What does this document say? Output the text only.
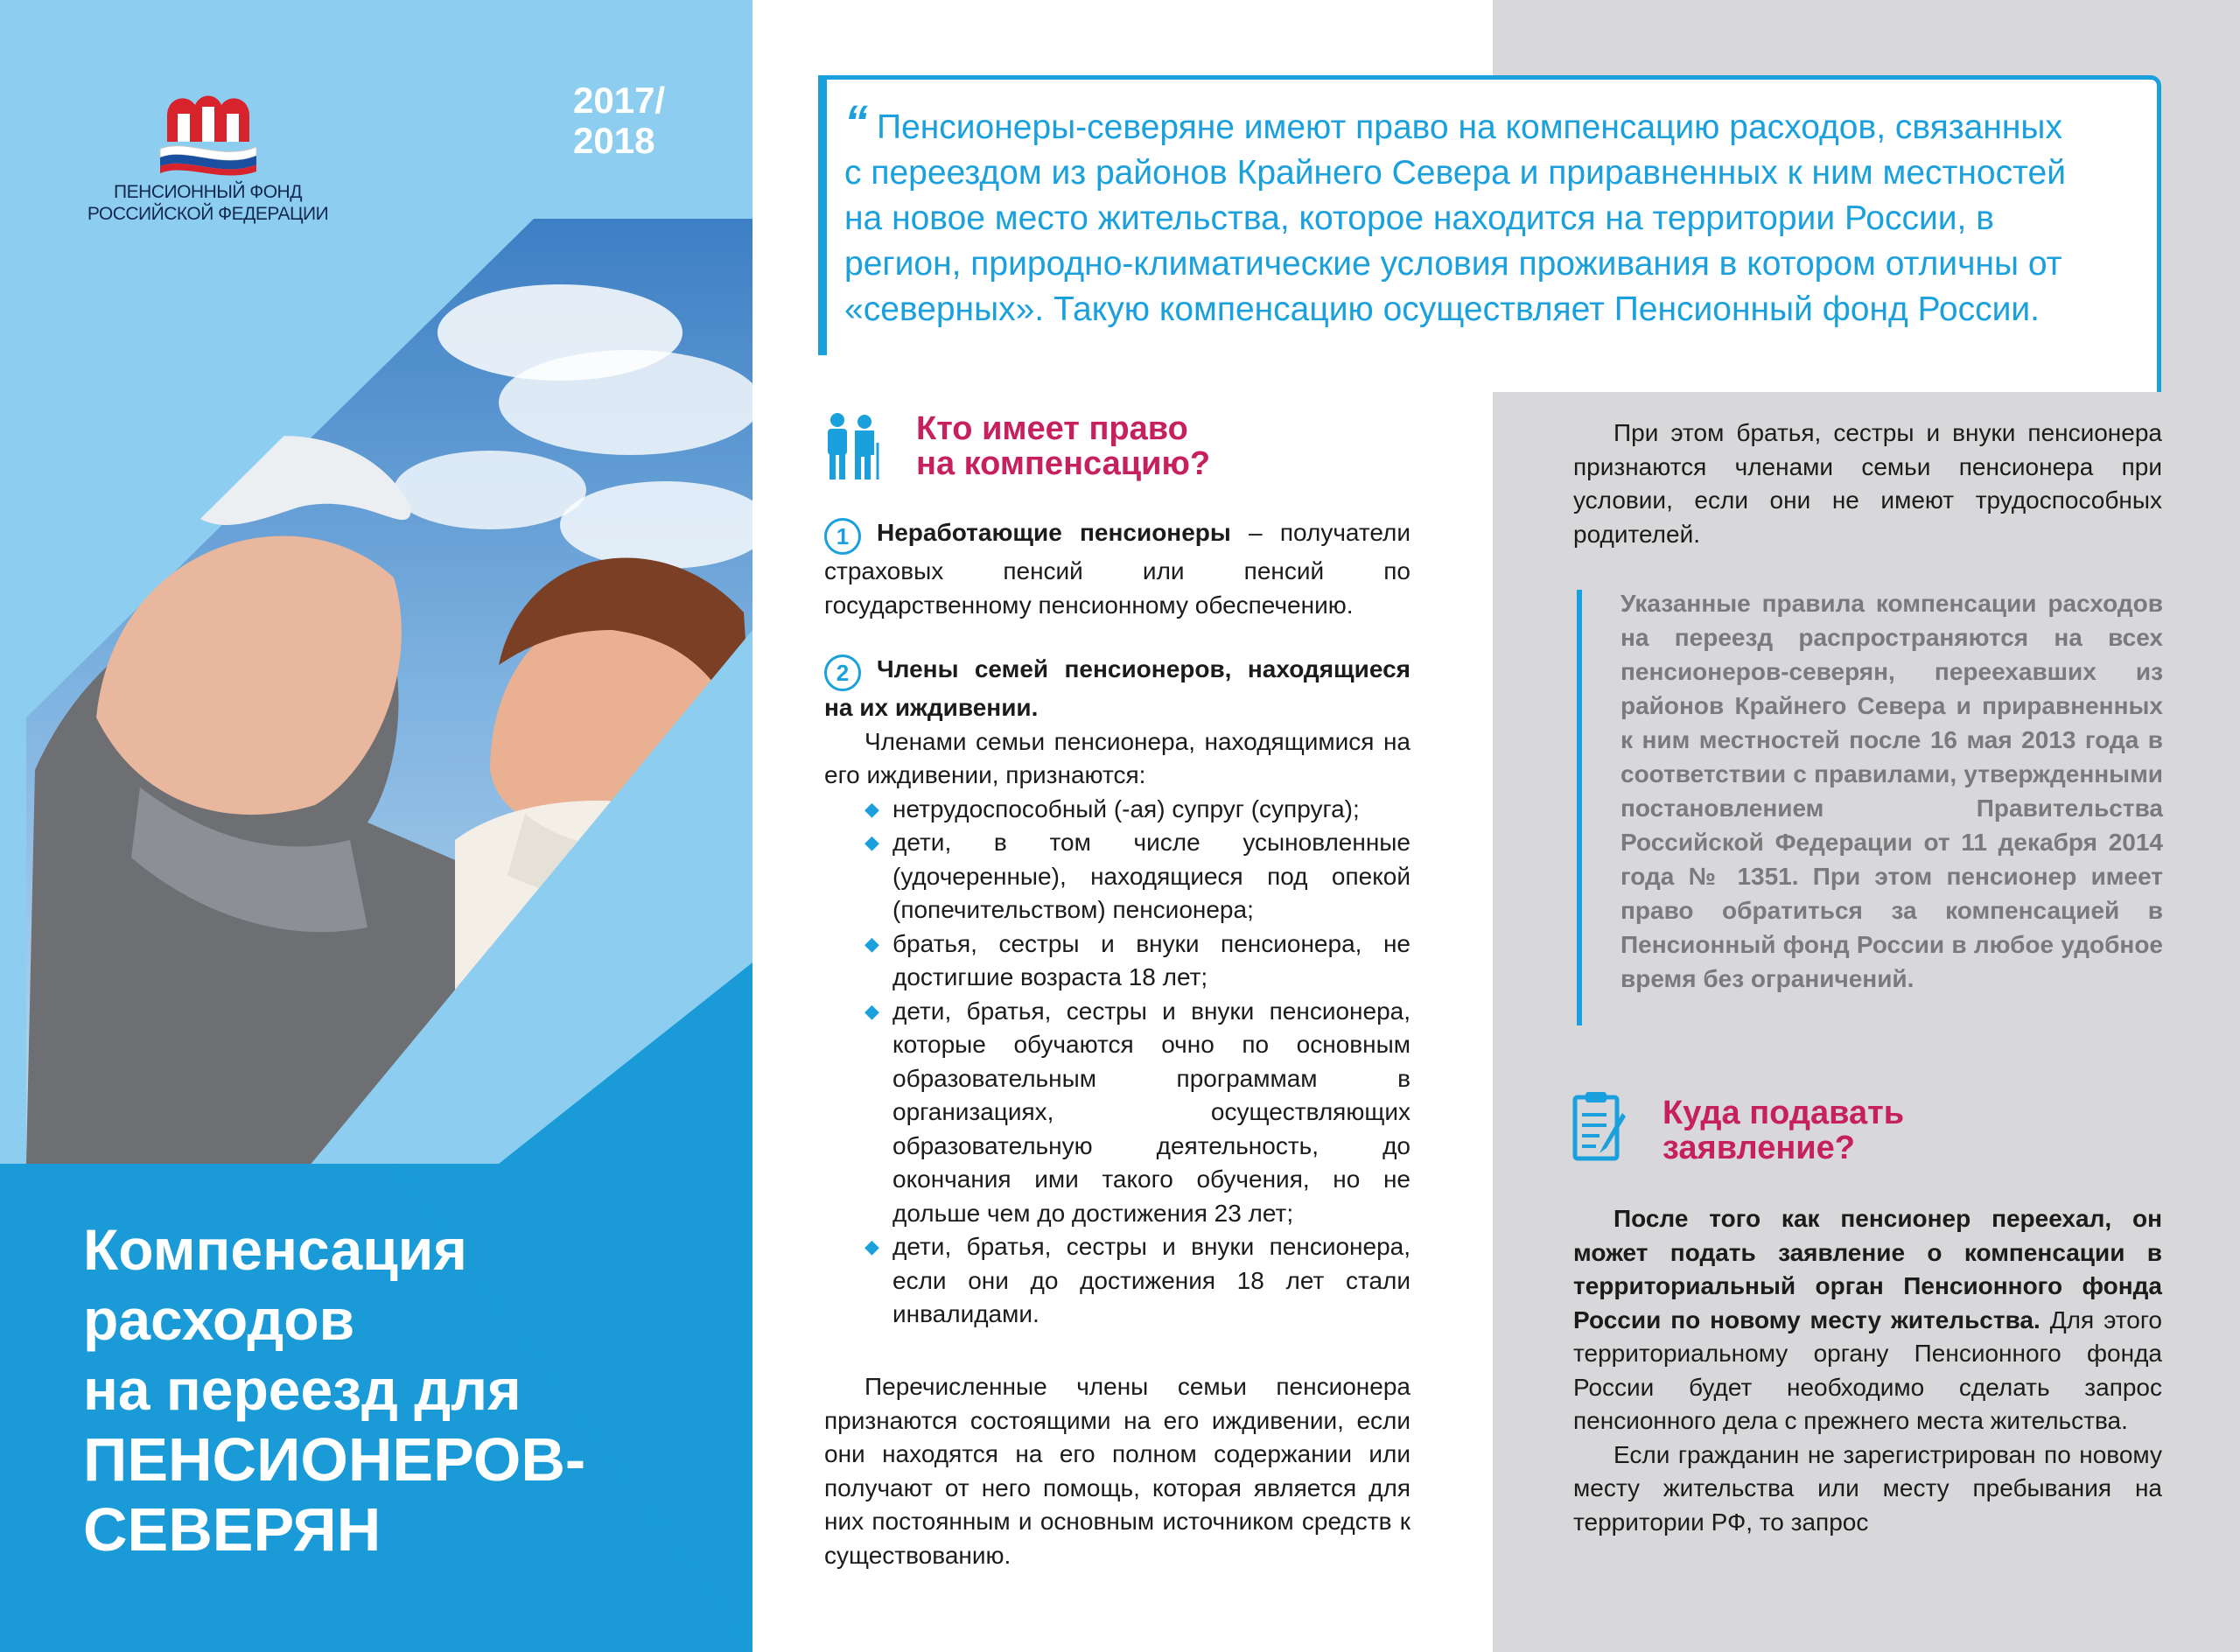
ПЕНСИОННЫЙ ФОНД
РОССИЙСКОЙ ФЕДЕРАЦИИ
2017/
2018
Компенсация
расходов
на переезд для
ПЕНСИОНЕРОВ-
СЕВЕРЯН
“ Пенсионеры-северяне имеют право на компенсацию расходов, связанных с переездом из районов Крайнего Севера и приравненных к ним местностей на новое место жительства, которое находится на территории России, в регион, природно-климатические условия проживания в котором отличны от «северных». Такую компенсацию осуществляет Пенсионный фонд России.
Кто имеет право
на компенсацию?
1 Неработающие пенсионеры – получатели страховых пенсий или пенсий по государственному пенсионному обеспечению.
2 Члены семей пенсионеров, находящиеся на их иждивении.
Членами семьи пенсионера, находящимися на его иждивении, признаются:
◆ нетрудоспособный (-ая) супруг (супруга);
◆ дети, в том числе усыновленные (удочеренные), находящиеся под опекой (попечительством) пенсионера;
◆ братья, сестры и внуки пенсионера, не достигшие возраста 18 лет;
◆ дети, братья, сестры и внуки пенсионера, которые обучаются очно по основным образовательным программам в организациях, осуществляющих образовательную деятельность, до окончания ими такого обучения, но не дольше чем до достижения 23 лет;
◆ дети, братья, сестры и внуки пенсионера, если они до достижения 18 лет стали инвалидами.
Перечисленные члены семьи пенсионера признаются состоящими на его иждивении, если они находятся на его полном содержании или получают от него помощь, которая является для них постоянным и основным источником средств к существованию.
При этом братья, сестры и внуки пенсионера признаются членами семьи пенсионера при условии, если они не имеют трудоспособных родителей.
Указанные правила компенсации расходов на переезд распространяются на всех пенсионеров-северян, переехавших из районов Крайнего Севера и приравненных к ним местностей после 16 мая 2013 года в соответствии с правилами, утвержденными постановлением Правительства Российской Федерации от 11 декабря 2014 года № 1351. При этом пенсионер имеет право обратиться за компенсацией в Пенсионный фонд России в любое удобное время без ограничений.
Куда подавать
заявление?
После того как пенсионер переехал, он может подать заявление о компенсации в территориальный орган Пенсионного фонда России по новому месту жительства. Для этого территориальному органу Пенсионного фонда России будет необходимо сделать запрос пенсионного дела с прежнего места жительства.
Если гражданин не зарегистрирован по новому месту жительства или месту пребывания на территории РФ, то запрос
